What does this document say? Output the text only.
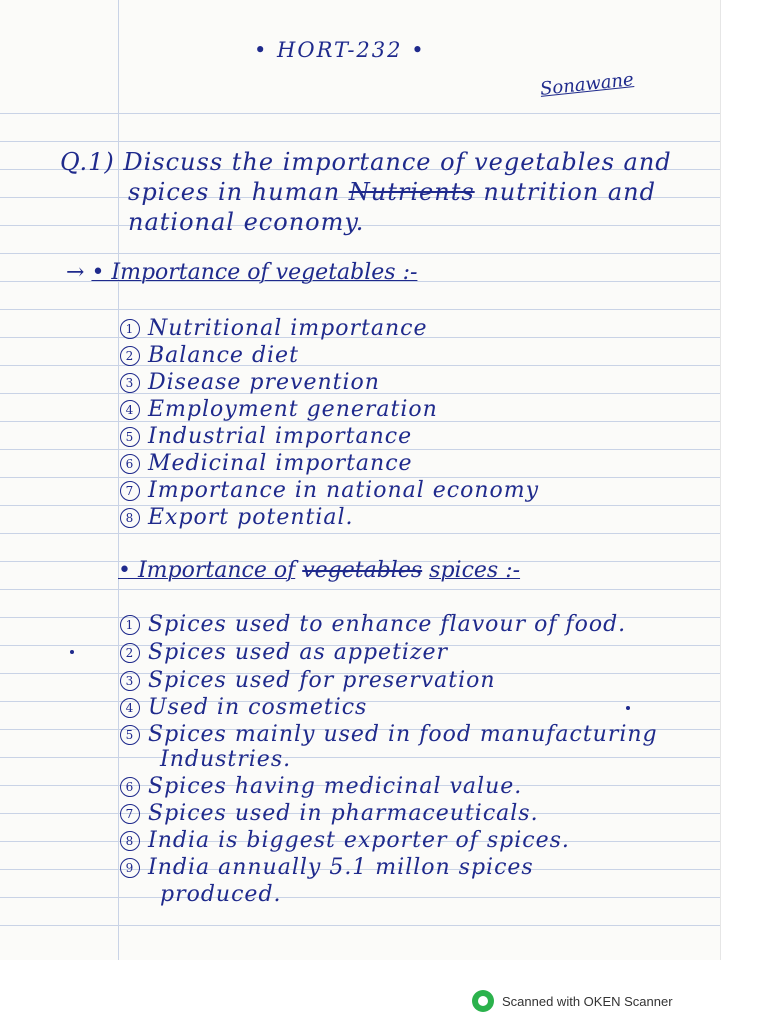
• HORT-232 •
Sonawane
Q.1) Discuss the importance of vegetables and
spices in human Nutrients nutrition and
national economy.
→ • Importance of vegetables :-
1 Nutritional importance
2 Balance diet
3 Disease prevention
4 Employment generation
5 Industrial importance
6 Medicinal importance
7 Importance in national economy
8 Export potential.
• Importance of vegetables spices :-
1 Spices used to enhance flavour of food.
2 Spices used as appetizer
3 Spices used for preservation
4 Used in cosmetics
5 Spices mainly used in food manufacturing
Industries.
6 Spices having medicinal value.
7 Spices used in pharmaceuticals.
8 India is biggest exporter of spices.
9 India annually 5.1 millon spices
produced.
Scanned with OKEN Scanner
